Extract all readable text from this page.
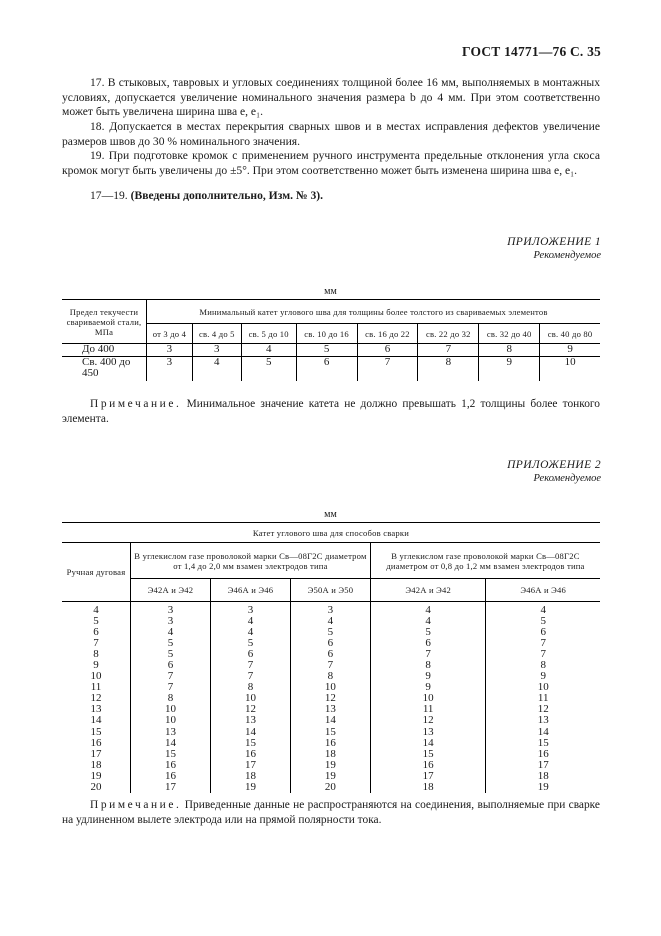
ГОСТ 14771—76 С. 35

17. В стыковых, тавровых и угловых соединениях толщиной более 16 мм, выполняемых в монтажных условиях, допускается увеличение номинального значения размера b до 4 мм. При этом соответственно может быть увеличена ширина шва e, e₁.

18. Допускается в местах перекрытия сварных швов и в местах исправления дефектов увеличение размеров швов до 30 % номинального значения.

19. При подготовке кромок с применением ручного инструмента предельные отклонения угла скоса кромок могут быть увеличены до ±5°. При этом соответственно может быть изменена ширина шва e, e₁.

17—19. (Введены дополнительно, Изм. № 3).

ПРИЛОЖЕНИЕ 1
Рекомендуемое
мм
Предел текучести свариваемой стали, МПа	Минимальный катет углового шва для толщины более толстого из свариваемых элементов							
	от 3 до 4	св. 4 до 5	св. 5 до 10	св. 10 до 16	св. 16 до 22	св. 22 до 32	св. 32 до 40	св. 40 до 80
До 400	3	3	4	5	6	7	8	9
Св. 400 до 450	3	4	5	6	7	8	9	10
Примечание. Минимальное значение катета не должно превышать 1,2 толщины более тонкого элемента.
ПРИЛОЖЕНИЕ 2
Рекомендуемое
мм
Катет углового шва для способов сварки					
Ручная дуговая	В углекислом газе проволокой марки Св—08Г2С диаметром от 1,4 до 2,0 мм взамен электродов типа			В углекислом газе проволокой марки Св—08Г2С диаметром от 0,8 до 1,2 мм взамен электродов типа	
	Э42А и Э42	Э46А и Э46	Э50А и Э50	Э42А и Э42	Э46А и Э46
4	3	3	3	4	4
5	3	4	4	4	5
6	4	4	5	5	6
7	5	5	6	6	7
8	5	6	6	7	7
9	6	7	7	8	8
10	7	7	8	9	9
11	7	8	10	9	10
12	8	10	12	10	11
13	10	12	13	11	12
14	10	13	14	12	13
15	13	14	15	13	14
16	14	15	16	14	15
17	15	16	18	15	16
18	16	17	19	16	17
19	16	18	19	17	18
20	17	19	20	18	19
Примечание. Приведенные данные не распространяются на соединения, выполняемые при сварке на удлиненном вылете электрода или на прямой полярности тока.
